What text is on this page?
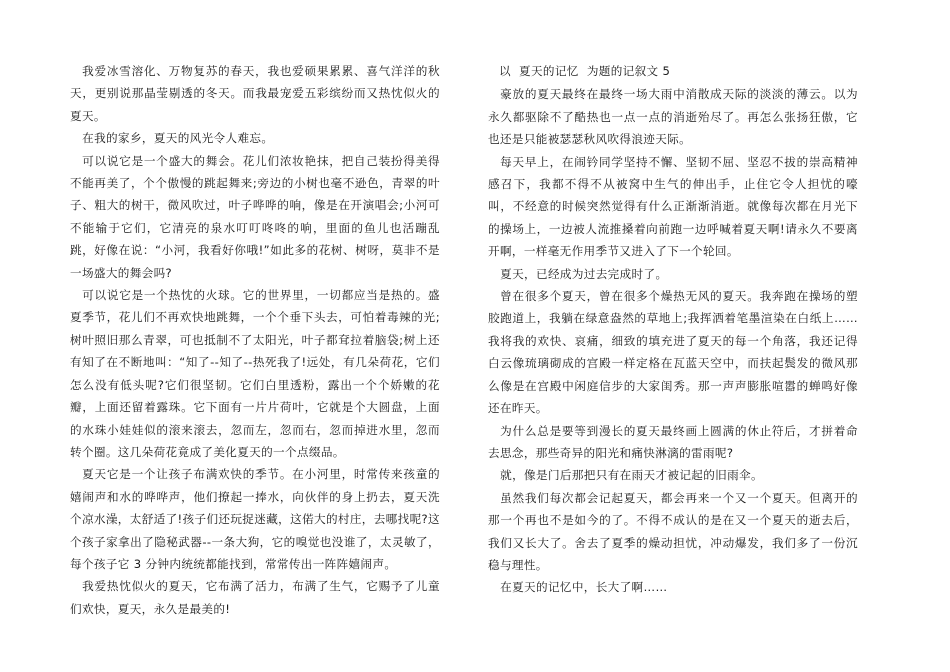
我爱冰雪溶化、万物复苏的春天，我也爱硕果累累、喜气洋洋的秋天，更别说那晶莹剔透的冬天。而我最宠爱五彩缤纷而又热忱似火的夏天。

在我的家乡，夏天的风光令人难忘。

可以说它是一个盛大的舞会。花儿们浓妆艳抹，把自己装扮得美得不能再美了，个个傲慢的跳起舞来;旁边的小树也毫不逊色，青翠的叶子、粗大的树干，微风吹过，叶子哗哗的响，像是在开演唱会;小河可不能输于它们，它清亮的泉水叮叮咚咚的响，里面的鱼儿也活蹦乱跳，好像在说：“小河，我看好你哦!”如此多的花树、树呀，莫非不是一场盛大的舞会吗?

可以说它是一个热忱的火球。它的世界里，一切都应当是热的。盛夏季节，花儿们不再欢快地跳舞，一个个垂下头去，可怕着毒辣的光;树叶照旧那么青翠，可也抵制不了太阳光，叶子都耷拉着脑袋;树上还有知了在不断地叫：“知了--知了--热死我了!远处，有几朵荷花，它们怎么没有低头呢?它们很坚韧。它们白里透粉，露出一个个娇嫩的花瓣，上面还留着露珠。它下面有一片片荷叶，它就是个大圆盘，上面的水珠小娃娃似的滚来滚去，忽而左，忽而右，忽而掉进水里，忽而转个圈。这几朵荷花竟成了美化夏天的一个点缀品。

夏天它是一个让孩子布满欢快的季节。在小河里，时常传来孩童的嬉闹声和水的哗哗声，他们撩起一捧水，向伙伴的身上扔去，夏天洗个凉水澡，太舒适了!孩子们还玩捉迷藏，这偌大的村庄，去哪找呢?这个孩子家拿出了隐秘武器--一条大狗，它的嗅觉也没谁了，太灵敏了，每个孩子它 3 分钟内统统都能找到，常常传出一阵阵嬉闹声。

我爱热忱似火的夏天，它布满了活力，布满了生气，它赐予了儿童们欢快，夏天，永久是最美的!

以  夏天的记忆  为题的记叙文 5

豪放的夏天最终在最终一场大雨中消散成天际的淡淡的薄云。以为永久都驱除不了酷热也一点一点的消逝殆尽了。再怎么张扬狂傲，它也还是只能被瑟瑟秋风吹得浪迹天际。

每天早上，在闹钤同学坚持不懈、坚韧不屈、坚忍不拔的崇高精神感召下，我都不得不从被窝中生气的伸出手，止住它令人担忧的嚎叫，不经意的时候突然觉得有什么正渐渐消逝。就像每次都在月光下的操场上，一边被人流推搡着向前跑一边呼喊着夏天啊!请永久不要离开啊，一样毫无作用季节又进入了下一个轮回。

夏天，已经成为过去完成时了。

曾在很多个夏天，曾在很多个燥热无风的夏天。我奔跑在操场的塑胶跑道上，我躺在绿意盎然的草地上;我挥洒着笔墨渲染在白纸上……我将我的欢快、哀痛，细致的填充进了夏天的每一个角落，我还记得白云像琉璃砌成的宫殿一样定格在瓦蓝天空中，而扶起鬓发的微风那么像是在宫殿中闲庭信步的大家闺秀。那一声声膨胀喧嚣的蝉鸣好像还在昨天。

为什么总是要等到漫长的夏天最终画上圆满的休止符后，才拼着命去思念，那些奇异的阳光和痛快淋漓的雷雨呢?

就，像是门后那把只有在雨天才被记起的旧雨伞。

虽然我们每次都会记起夏天，都会再来一个又一个夏天。但离开的那一个再也不是如今的了。不得不成认的是在又一个夏天的逝去后，我们又长大了。舍去了夏季的燥动担忧，冲动爆发，我们多了一份沉稳与理性。

在夏天的记忆中，长大了啊……
